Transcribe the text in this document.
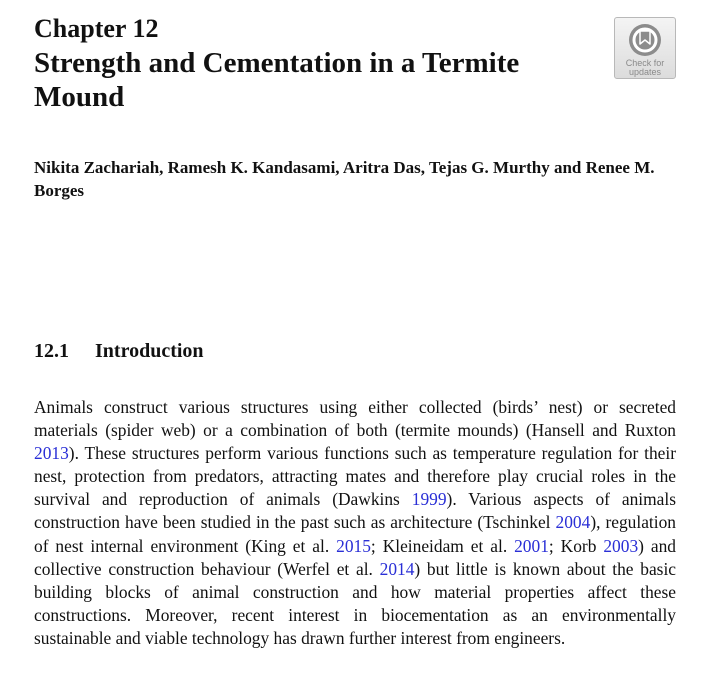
Chapter 12
Strength and Cementation in a Termite Mound
Check for updates

Nikita Zachariah, Ramesh K. Kandasami, Aritra Das, Tejas G. Murthy and Renee M. Borges

12.1 Introduction

Animals construct various structures using either collected (birds’ nest) or secreted materials (spider web) or a combination of both (termite mounds) (Hansell and Ruxton 2013). These structures perform various functions such as temperature regulation for their nest, protection from predators, attracting mates and therefore play crucial roles in the survival and reproduction of animals (Dawkins 1999). Various aspects of animals construction have been studied in the past such as architecture (Tschinkel 2004), regulation of nest internal environment (King et al. 2015; Kleineidam et al. 2001; Korb 2003) and collective construction behaviour (Werfel et al. 2014) but little is known about the basic building blocks of animal construction and how material properties affect these constructions. Moreover, recent interest in biocementation as an environmentally sustainable and viable technology has drawn further interest from engineers.
